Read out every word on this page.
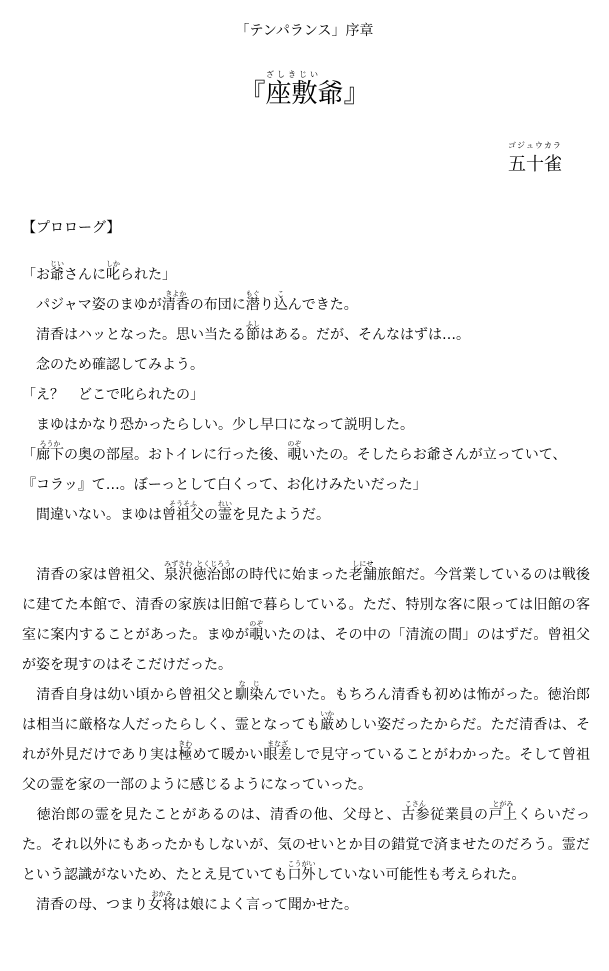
「テンパランス」序章
ざしきじい
『座敷爺』
ゴジュウカラ
五十雀
【プロローグ】
「お爺じいさんに叱しかられた」
パジャマ姿のまゆが清香きよかの布団に潜もぐり込こんできた。
清香はハッとなった。思い当たる節ふしはある。だが、そんなはずは…。
念のため確認してみよう。
「え？　どこで叱られたの」
まゆはかなり恐かったらしい。少し早口になって説明した。
「廊下ろうかの奥の部屋。おトイレに行った後、覗のぞいたの。そしたらお爺さんが立っていて、
『コラッ』て…。ぼーっとして白くって、お化けみたいだった」
間違いない。まゆは曾祖父そうそふの霊れいを見たようだ。
清香の家は曾祖父、泉沢みずさわ徳治郎とくじろうの時代に始まった老舗しにせ旅館だ。今営業しているのは戦後に建てた本館で、清香の家族は旧館で暮らしている。ただ、特別な客に限っては旧館の客室に案内することがあった。まゆが覗のぞいたのは、その中の「清流の間」のはずだ。曾祖父が姿を現すのはそこだけだった。
清香自身は幼い頃から曾祖父と馴な染じんでいた。もちろん清香も初めは怖がった。徳治郎は相当に厳格な人だったらしく、霊となっても厳いかめしい姿だったからだ。ただ清香は、それが外見だけであり実は極きわめて暖かい眼差まなざしで見守っていることがわかった。そして曾祖父の霊を家の一部のように感じるようになっていった。
徳治郎の霊を見たことがあるのは、清香の他、父母と、古参こさん従業員の戸上とがみくらいだった。それ以外にもあったかもしないが、気のせいとか目の錯覚で済ませたのだろう。霊だという認識がないため、たとえ見ていても口外こうがいしていない可能性も考えられた。
清香の母、つまり女将おかみは娘によく言って聞かせた。
